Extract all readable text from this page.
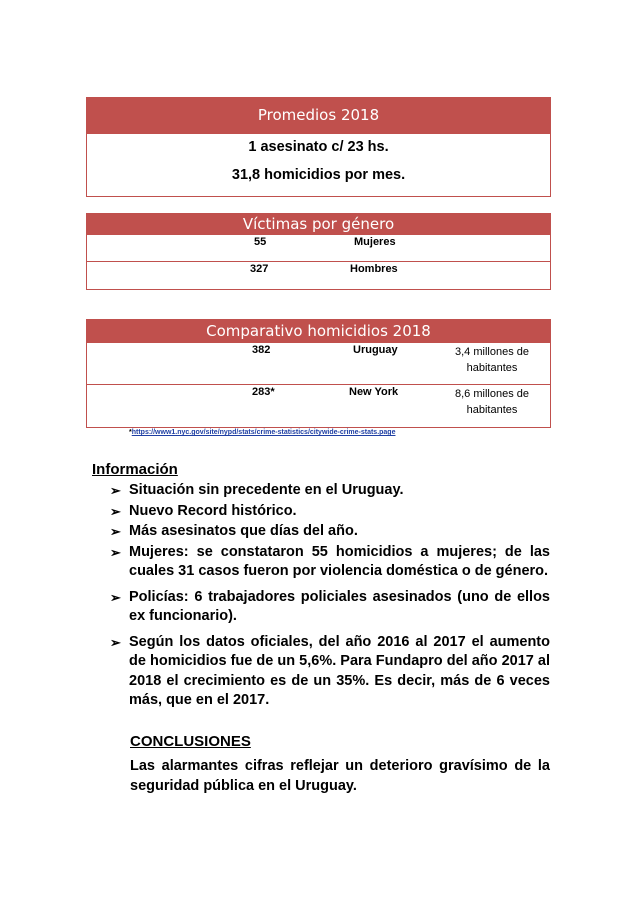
Promedios 2018
1 asesinato c/ 23 hs.
31,8 homicidios por mes.
Víctimas por género
55	Mujeres
327	Hombres
Comparativo homicidios 2018
382	Uruguay	3,4 millones de habitantes
283*	New York	8,6 millones de habitantes
*https://www1.nyc.gov/site/nypd/stats/crime-statistics/citywide-crime-stats.page
Información
➢ Situación sin precedente en el Uruguay.
➢ Nuevo Record histórico.
➢ Más asesinatos que días del año.
➢ Mujeres: se constataron 55 homicidios a mujeres; de las cuales 31 casos fueron por violencia doméstica o de género.
➢ Policías: 6 trabajadores policiales asesinados (uno de ellos ex funcionario).
➢ Según los datos oficiales, del año 2016 al 2017 el aumento de homicidios fue de un 5,6%. Para Fundapro del año 2017 al 2018 el crecimiento es de un 35%. Es decir, más de 6 veces más, que en el 2017.
CONCLUSIONES
Las alarmantes cifras reflejar un deterioro gravísimo de la seguridad pública en el Uruguay.
